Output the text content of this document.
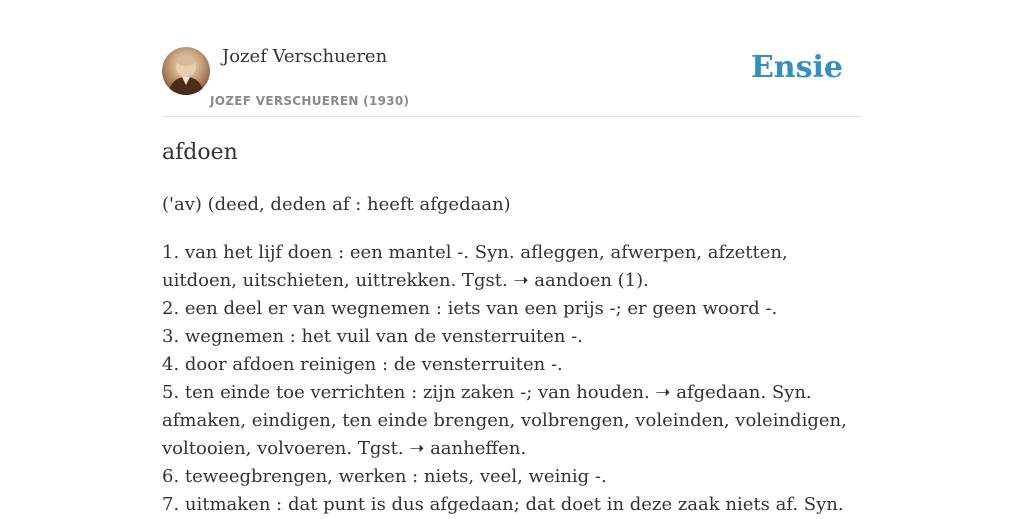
Jozef Verschueren
JOZEF VERSCHUEREN (1930)
Ensie
afdoen
('av) (deed, deden af : heeft afgedaan)
1. van het lijf doen : een mantel -. Syn. afleggen, afwerpen, afzetten, uitdoen, uitschieten, uittrekken. Tgst. ➝ aandoen (1).
2. een deel er van wegnemen : iets van een prijs -; er geen woord -.
3. wegnemen : het vuil van de vensterruiten -.
4. door afdoen reinigen : de vensterruiten -.
5. ten einde toe verrichten : zijn zaken -; van houden. ➝ afgedaan. Syn. afmaken, eindigen, ten einde brengen, volbrengen, voleinden, voleindigen, voltooien, volvoeren. Tgst. ➝ aanheffen.
6. teweegbrengen, werken : niets, veel, weinig -.
7. uitmaken : dat punt is dus afgedaan; dat doet in deze zaak niets af. Syn.
